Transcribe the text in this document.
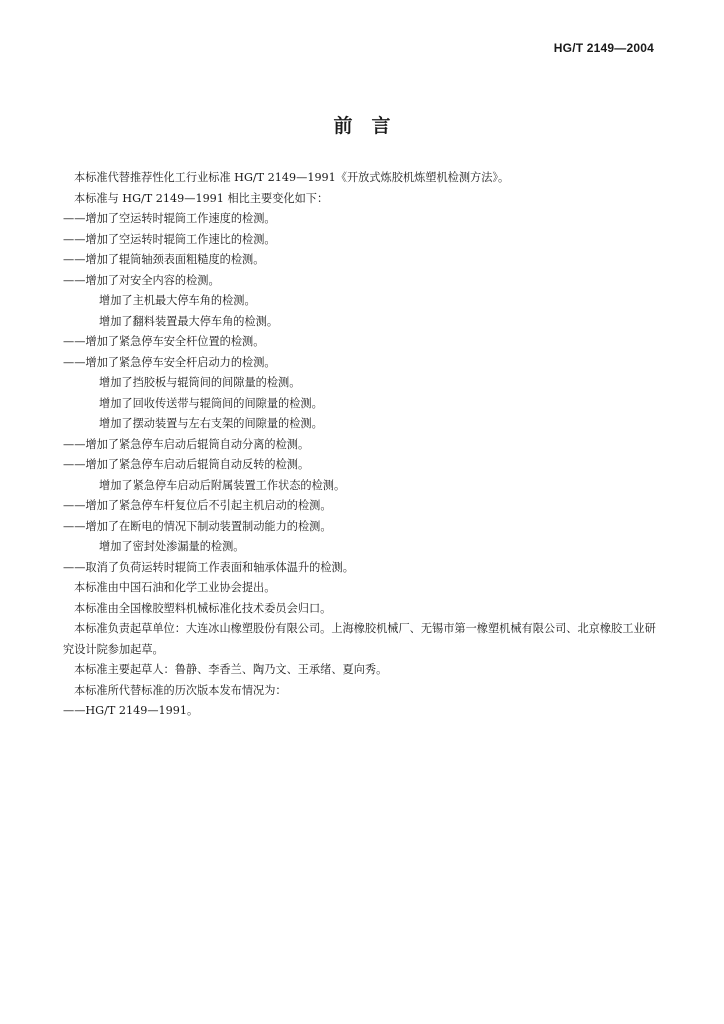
HG/T 2149—2004
前　言
本标准代替推荐性化工行业标准 HG/T 2149—1991《开放式炼胶机炼塑机检测方法》。
本标准与 HG/T 2149—1991 相比主要变化如下：
——增加了空运转时辊筒工作速度的检测。
——增加了空运转时辊筒工作速比的检测。
——增加了辊筒轴颈表面粗糙度的检测。
——增加了对安全内容的检测。
增加了主机最大停车角的检测。
增加了翻料装置最大停车角的检测。
——增加了紧急停车安全杆位置的检测。
——增加了紧急停车安全杆启动力的检测。
增加了挡胶板与辊筒间的间隙量的检测。
增加了回收传送带与辊筒间的间隙量的检测。
增加了摆动装置与左右支架的间隙量的检测。
——增加了紧急停车启动后辊筒自动分离的检测。
——增加了紧急停车启动后辊筒自动反转的检测。
增加了紧急停车启动后附属装置工作状态的检测。
——增加了紧急停车杆复位后不引起主机启动的检测。
——增加了在断电的情况下制动装置制动能力的检测。
增加了密封处渗漏量的检测。
——取消了负荷运转时辊筒工作表面和轴承体温升的检测。
本标准由中国石油和化学工业协会提出。
本标准由全国橡胶塑料机械标准化技术委员会归口。
本标准负责起草单位：大连冰山橡塑股份有限公司。上海橡胶机械厂、无锡市第一橡塑机械有限公司、北京橡胶工业研究设计院参加起草。
本标准主要起草人：鲁静、李香兰、陶乃文、王承绪、夏向秀。
本标准所代替标准的历次版本发布情况为：
——HG/T 2149—1991。
